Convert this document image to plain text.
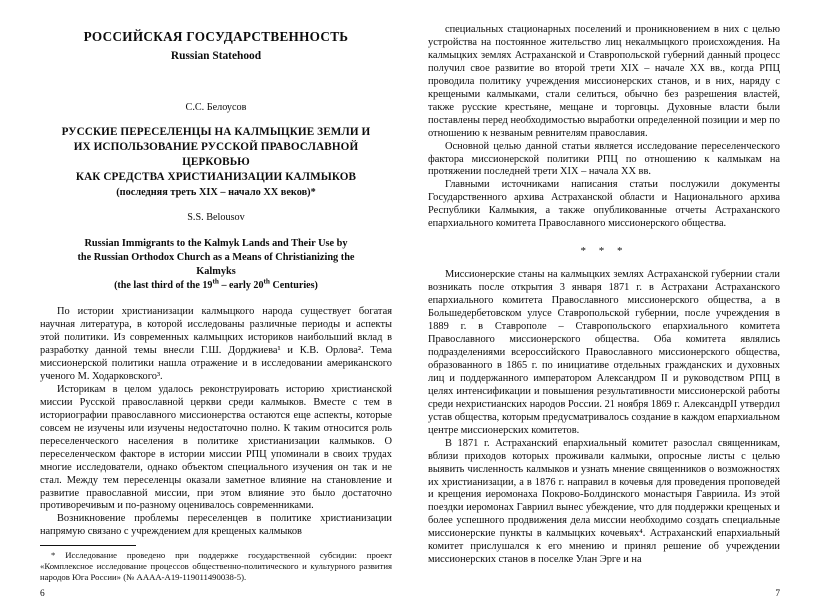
РОССИЙСКАЯ ГОСУДАРСТВЕННОСТЬ
Russian Statehood
С.С. Белоусов
РУССКИЕ ПЕРЕСЕЛЕНЦЫ НА КАЛМЫЦКИЕ ЗЕМЛИ И
ИХ ИСПОЛЬЗОВАНИЕ РУССКОЙ ПРАВОСЛАВНОЙ
ЦЕРКОВЬЮ
КАК СРЕДСТВА ХРИСТИАНИЗАЦИИ КАЛМЫКОВ
(последняя треть XIX – начало XX веков)*
S.S. Belousov
Russian Immigrants to the Kalmyk Lands and Their Use by
the Russian Orthodox Church as a Means of Christianizing the
Kalmyks
(the last third of the 19th – early 20th Centuries)

По истории христианизации калмыцкого народа существует богатая научная литература, в которой исследованы различные периоды и аспекты этой политики. Из современных калмыцких историков наибольший вклад в разработку данной темы внесли Г.Ш. Дорджиева¹ и К.В. Орлова². Тема миссионерской политики нашла отражение и в исследовании американского ученого М. Ходарковского³.

Историкам в целом удалось реконструировать историю христианской миссии Русской православной церкви среди калмыков. Вместе с тем в историографии православного миссионерства остаются еще аспекты, которые совсем не изучены или изучены недостаточно полно. К таким относится роль переселенческого населения в политике христианизации калмыков. О переселенческом факторе в истории миссии РПЦ упоминали в своих трудах многие исследователи, однако объектом специального изучения он так и не стал. Между тем переселенцы оказали заметное влияние на становление и развитие православной миссии, при этом влияние это было достаточно противоречивым и по-разному оценивалось современниками.

Возникновение проблемы переселенцев в политике христианизации напрямую связано с учреждением для крещеных калмыков

* Исследование проведено при поддержке государственной субсидии: проект «Комплексное исследование процессов общественно-политического и культурного развития народов Юга России» (№ АААА-А19-119011490038-5).

специальных стационарных поселений и проникновением в них с целью устройства на постоянное жительство лиц некалмыцкого происхождения. На калмыцких землях Астраханской и Ставропольской губерний данный процесс получил свое развитие во второй трети XIX – начале XX вв., когда РПЦ проводила политику учреждения миссионерских станов, и в них, наряду с крещеными калмыками, стали селиться, обычно без разрешения властей, также русские крестьяне, мещане и торговцы. Духовные власти были поставлены перед необходимостью выработки определенной позиции и мер по отношению к незваным ревнителям православия.

Основной целью данной статьи является исследование переселенческого фактора миссионерской политики РПЦ по отношению к калмыкам на протяжении последней трети XIX – начала XX вв.

Главными источниками написания статьи послужили документы Государственного архива Астраханской области и Национального архива Республики Калмыкия, а также опубликованные отчеты Астраханского епархиального комитета Православного миссионерского общества.

* * *

Миссионерские станы на калмыцких землях Астраханской губернии стали возникать после открытия 3 января 1871 г. в Астрахани Астраханского епархиального комитета Православного миссионерского общества, а в Большедербетовском улусе Ставропольской губернии, после учреждения в 1889 г. в Ставрополе – Ставропольского епархиального комитета Православного миссионерского общества. Оба комитета являлись подразделениями всероссийского Православного миссионерского общества, образованного в 1865 г. по инициативе отдельных гражданских и духовных лиц и поддержанного императором Александром II и руководством РПЦ в целях интенсификации и повышения результативности миссионерской работы среди нехристианских народов России. 21 ноября 1869 г. АлександрII утвердил устав общества, которым предусматривалось создание в каждом епархиальном центре миссионерских комитетов.

В 1871 г. Астраханский епархиальный комитет разослал священникам, вблизи приходов которых проживали калмыки, опросные листы с целью выявить численность калмыков и узнать мнение священников о возможностях их христианизации, а в 1876 г. направил в кочевья для проведения проповедей и крещения иеромонаха Покрово-Болдинского монастыря Гавриила. Из этой поездки иеромонах Гавриил вынес убеждение, что для поддержки крещеных и более успешного продвижения дела миссии необходимо создать специальные миссионерские пункты в калмыцких кочевьях⁴. Астраханский епархиальный комитет прислушался к его мнению и принял решение об учреждении миссионерских станов в поселке Улан Эрге и на

6	7
